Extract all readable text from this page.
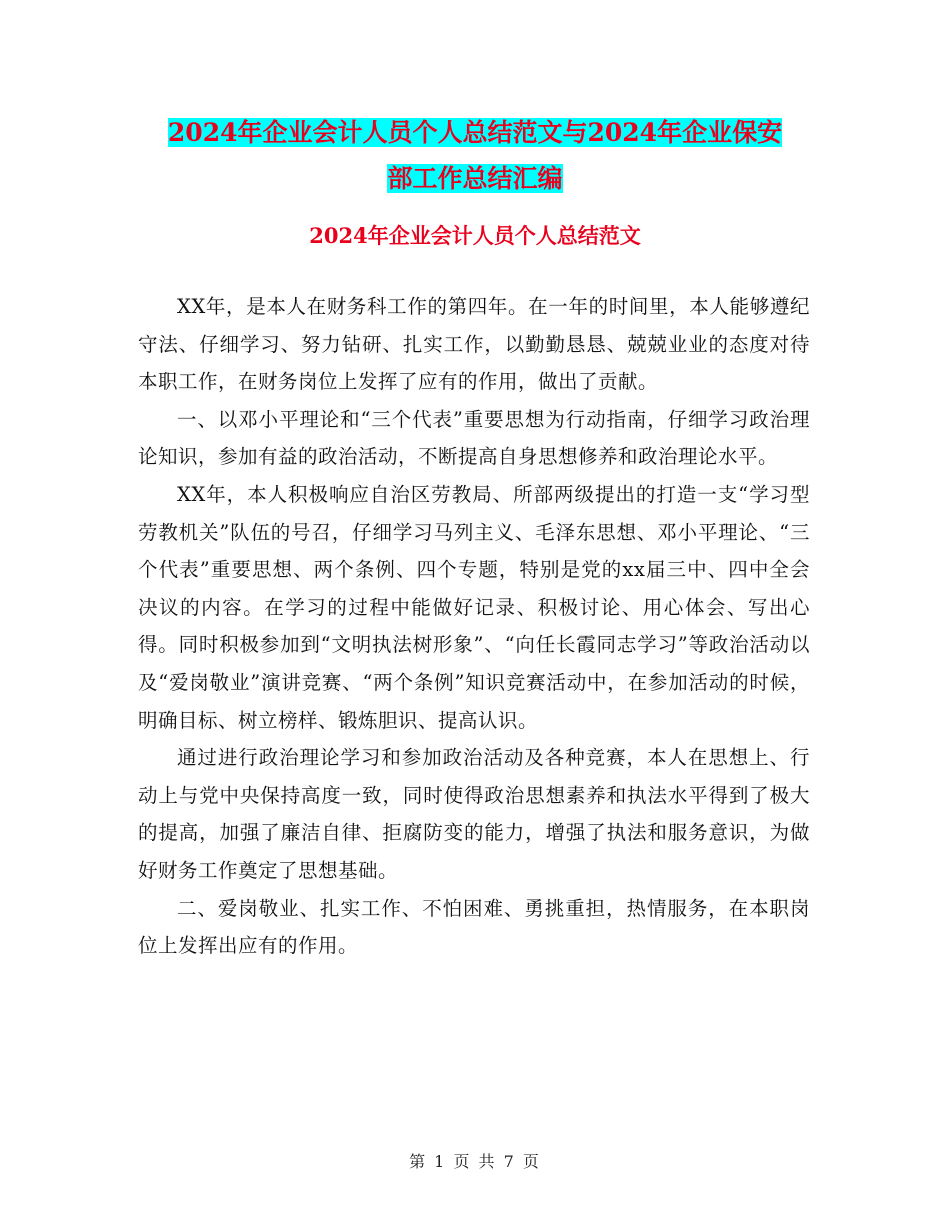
2024年企业会计人员个人总结范文与2024年企业保安
部工作总结汇编
2024年企业会计人员个人总结范文

XX年，是本人在财务科工作的第四年。在一年的时间里，本人能够遵纪守法、仔细学习、努力钻研、扎实工作，以勤勤恳恳、兢兢业业的态度对待本职工作，在财务岗位上发挥了应有的作用，做出了贡献。

一、以邓小平理论和“三个代表”重要思想为行动指南，仔细学习政治理论知识，参加有益的政治活动，不断提高自身思想修养和政治理论水平。

XX年，本人积极响应自治区劳教局、所部两级提出的打造一支“学习型劳教机关”队伍的号召，仔细学习马列主义、毛泽东思想、邓小平理论、“三个代表”重要思想、两个条例、四个专题，特别是党的xx届三中、四中全会决议的内容。在学习的过程中能做好记录、积极讨论、用心体会、写出心得。同时积极参加到“文明执法树形象”、“向任长霞同志学习”等政治活动以及“爱岗敬业”演讲竞赛、“两个条例”知识竞赛活动中，在参加活动的时候，明确目标、树立榜样、锻炼胆识、提高认识。

通过进行政治理论学习和参加政治活动及各种竞赛，本人在思想上、行动上与党中央保持高度一致，同时使得政治思想素养和执法水平得到了极大的提高，加强了廉洁自律、拒腐防变的能力，增强了执法和服务意识，为做好财务工作奠定了思想基础。

二、爱岗敬业、扎实工作、不怕困难、勇挑重担，热情服务，在本职岗位上发挥出应有的作用。

第 1 页 共 7 页
